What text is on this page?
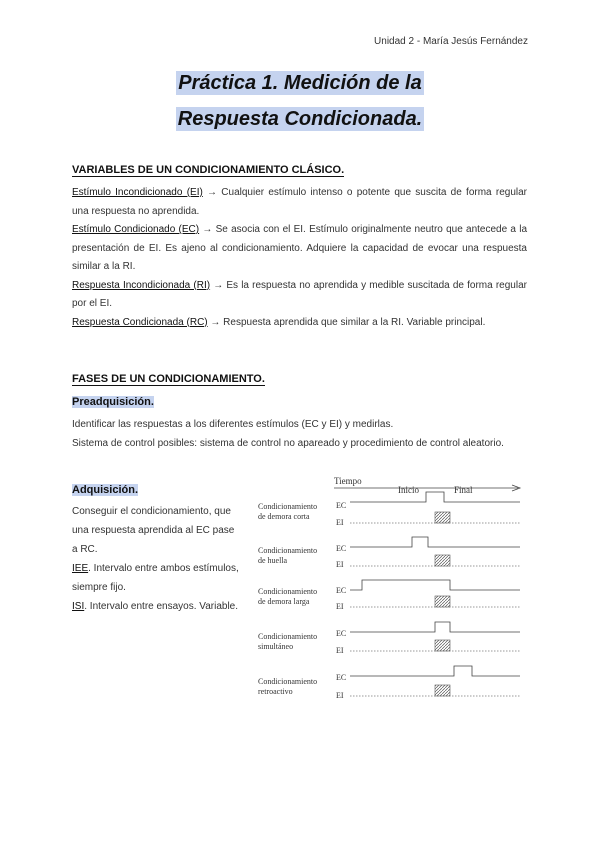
Unidad 2 - María Jesús Fernández
Práctica 1. Medición de la
Respuesta Condicionada.
VARIABLES DE UN CONDICIONAMIENTO CLÁSICO.
Estímulo Incondicionado (EI) → Cualquier estímulo intenso o potente que suscita de forma regular una respuesta no aprendida.
Estímulo Condicionado (EC) → Se asocia con el EI. Estímulo originalmente neutro que antecede a la presentación de EI. Es ajeno al condicionamiento. Adquiere la capacidad de evocar una respuesta similar a la RI.
Respuesta Incondicionada (RI) → Es la respuesta no aprendida y medible suscitada de forma regular por el EI.
Respuesta Condicionada (RC) → Respuesta aprendida que similar a la RI. Variable principal.
FASES DE UN CONDICIONAMIENTO.
Preadquisición.
Identificar las respuestas a los diferentes estímulos (EC y EI) y medirlas.
Sistema de control posibles: sistema de control no apareado y procedimiento de control aleatorio.
Adquisición.
Conseguir el condicionamiento, que una respuesta aprendida al EC pase a RC.
IEE. Intervalo entre ambos estímulos, siempre fijo.
ISI. Intervalo entre ensayos. Variable.
Tiempo
Inicio	Final
Condicionamiento
de demora corta
EC
EI
Condicionamiento
de huella
EC
EI
Condicionamiento
de demora larga
EC
EI
Condicionamiento
simultáneo
EC
EI
Condicionamiento
retroactivo
EC
EI
